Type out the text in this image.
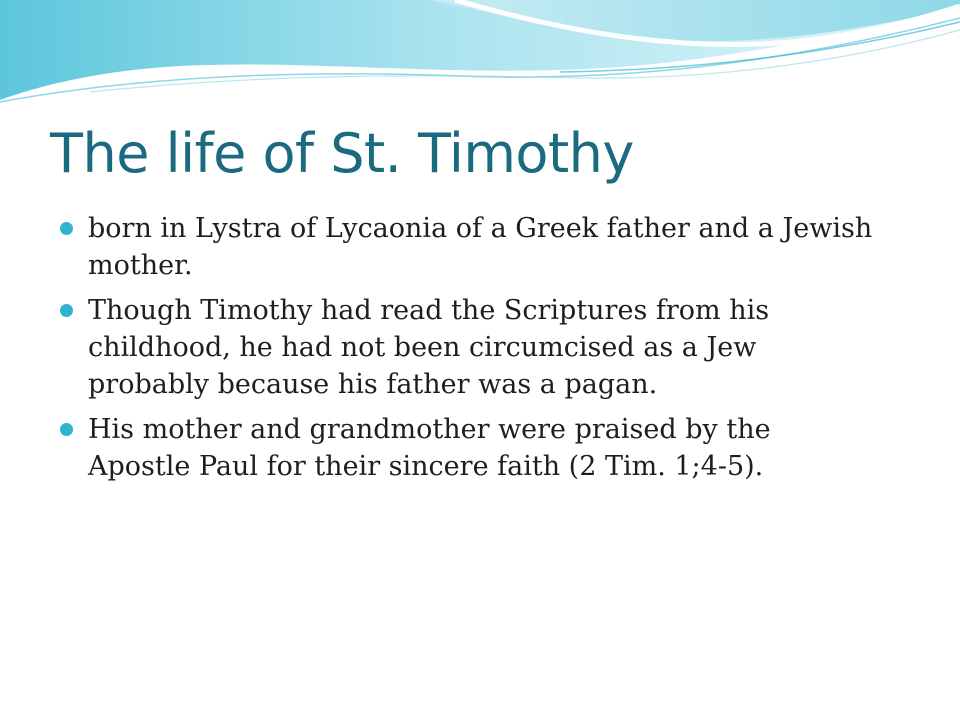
The life of St. Timothy
born in Lystra of Lycaonia of a Greek father and a Jewish mother.
Though Timothy had read the Scriptures from his childhood, he had not been circumcised as a Jew probably because his father was a pagan.
His mother and grandmother were praised by the Apostle Paul for their sincere faith (2 Tim. 1;4-5).
